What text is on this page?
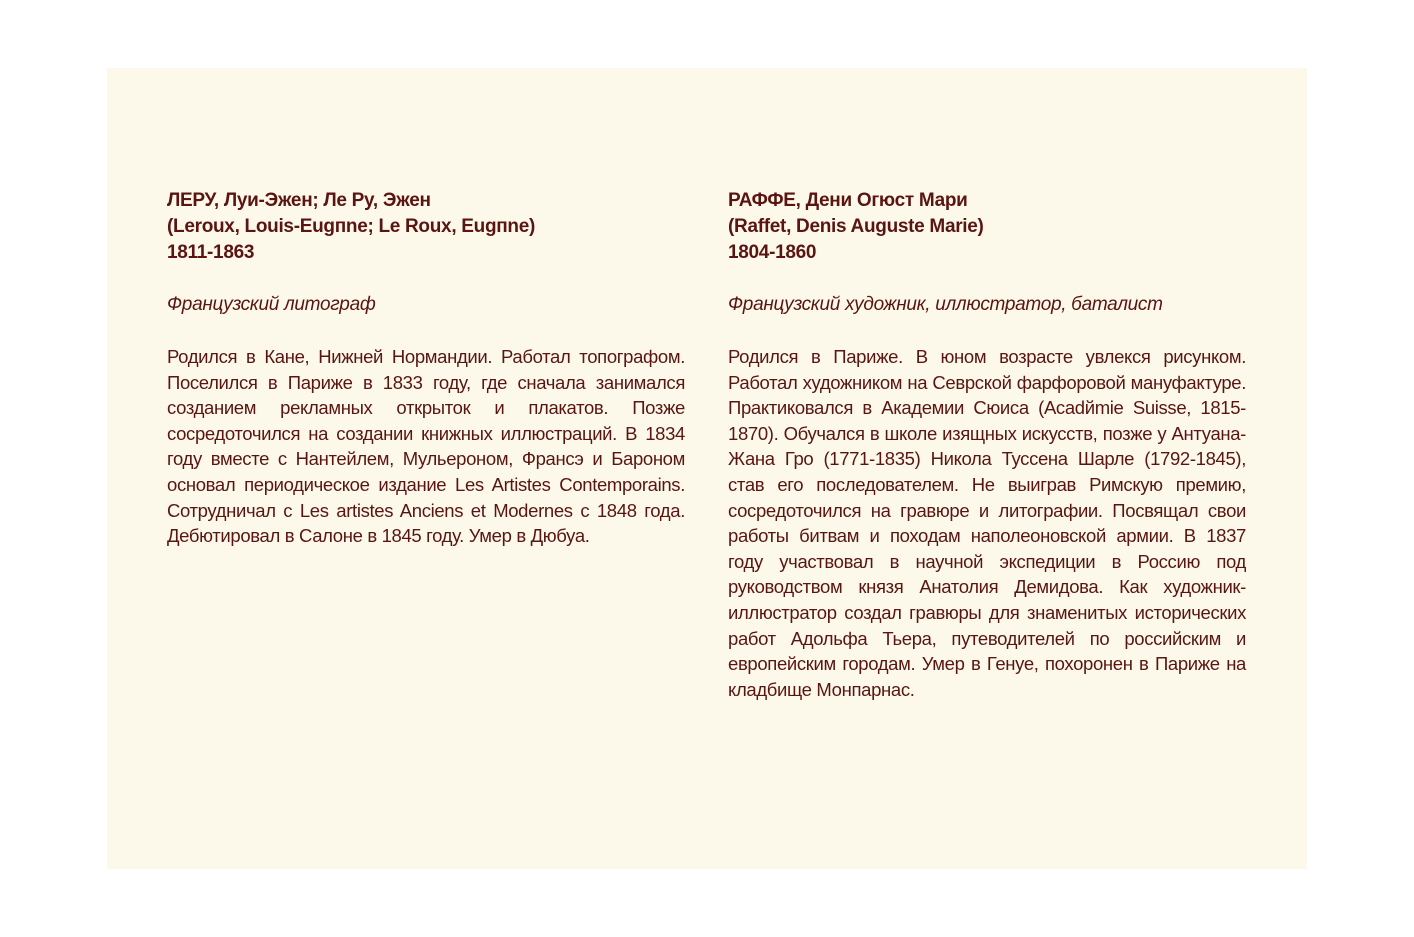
ЛЕРУ, Луи-Эжен; Ле Ру, Эжен
(Leroux, Louis-Eugпne; Le Roux, Eugпne)
1811-1863
Французский литограф

Родился в Кане, Нижней Нормандии. Работал топографом. Поселился в Париже в 1833 году, где сначала занимался созданием рекламных открыток и плакатов. Позже сосредоточился на создании книжных иллюстраций. В 1834 году вместе с Нантейлем, Мульероном, Франсэ и Бароном основал периодическое издание Les Artistes Contemporains. Сотрудничал с Les artistes Anciens et Modernes с 1848 года. Дебютировал в Салоне в 1845 году. Умер в Дюбуа.

РАФФЕ, Дени Огюст Мари
(Raffet, Denis Auguste Marie)
1804-1860
Французский художник, иллюстратор, баталист

Родился в Париже. В юном возрасте увлекся рисунком. Работал художником на Севрской фарфоровой мануфактуре. Практиковался в Академии Сюиса (Acadйmie Suisse, 1815-1870). Обучался в школе изящных искусств, позже у Антуана-Жана Гро (1771-1835) Никола Туссена Шарле (1792-1845), став его последователем. Не выиграв Римскую премию, сосредоточился на гравюре и литографии. Посвящал свои работы битвам и походам наполеоновской армии. В 1837 году участвовал в научной экспедиции в Россию под руководством князя Анатолия Демидова. Как художник-иллюстратор создал гравюры для знаменитых исторических работ Адольфа Тьера, путеводителей по российским и европейским городам. Умер в Генуе, похоронен в Париже на кладбище Монпарнас.
